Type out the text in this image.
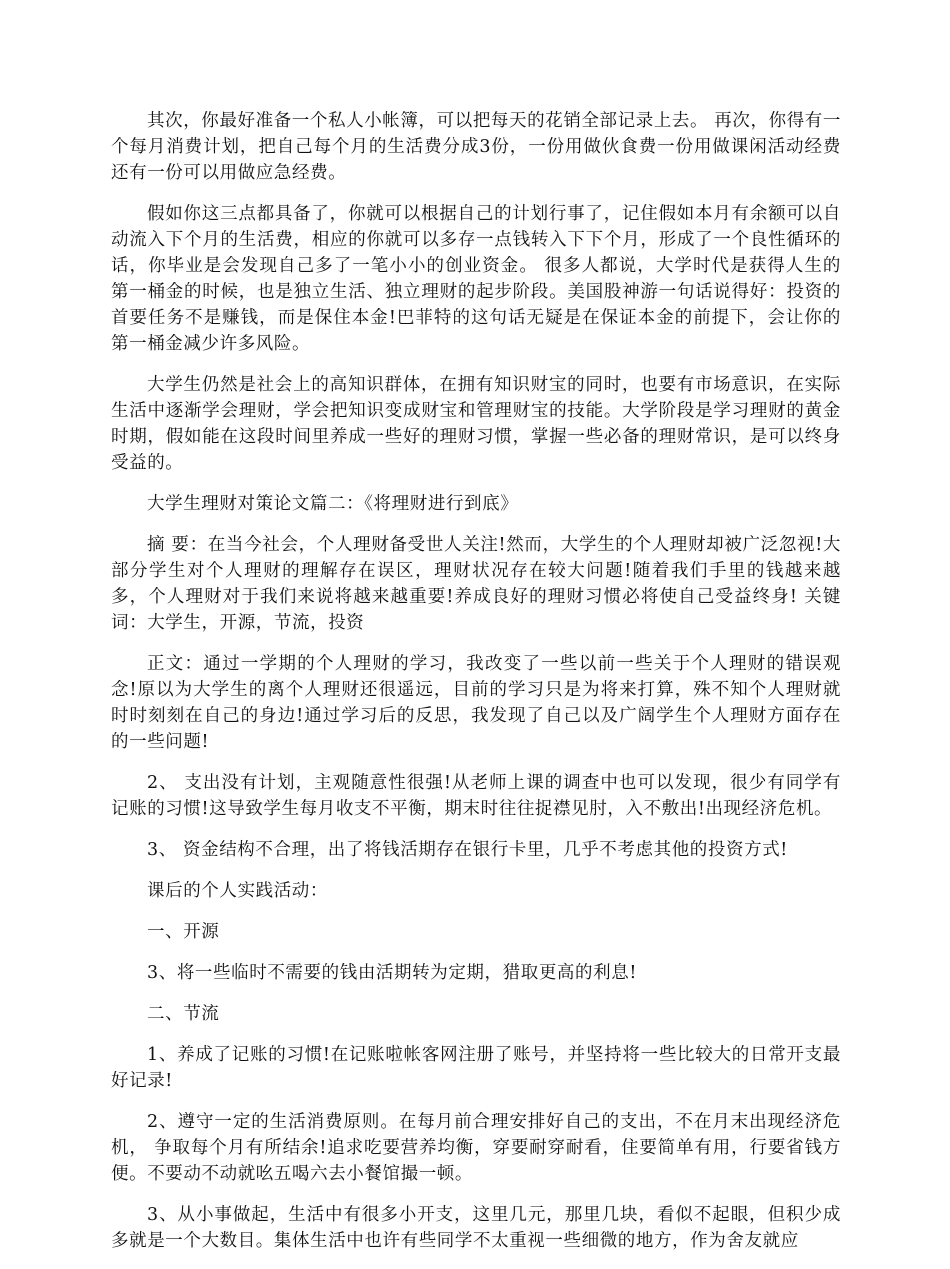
其次，你最好准备一个私人小帐簿，可以把每天的花销全部记录上去。 再次，你得有一个每月消费计划，把自己每个月的生活费分成3份，一份用做伙食费一份用做课闲活动经费还有一份可以用做应急经费。

假如你这三点都具备了，你就可以根据自己的计划行事了，记住假如本月有余额可以自动流入下个月的生活费，相应的你就可以多存一点钱转入下下个月，形成了一个良性循环的话，你毕业是会发现自己多了一笔小小的创业资金。 很多人都说，大学时代是获得人生的第一桶金的时候，也是独立生活、独立理财的起步阶段。美国股神游一句话说得好：投资的首要任务不是赚钱，而是保住本金!巴菲特的这句话无疑是在保证本金的前提下，会让你的第一桶金减少许多风险。

大学生仍然是社会上的高知识群体，在拥有知识财宝的同时，也要有市场意识，在实际生活中逐渐学会理财，学会把知识变成财宝和管理财宝的技能。大学阶段是学习理财的黄金时期，假如能在这段时间里养成一些好的理财习惯，掌握一些必备的理财常识，是可以终身受益的。

大学生理财对策论文篇二：《将理财进行到底》

摘 要：在当今社会，个人理财备受世人关注!然而，大学生的个人理财却被广泛忽视!大部分学生对个人理财的理解存在误区，理财状况存在较大问题!随着我们手里的钱越来越多，个人理财对于我们来说将越来越重要!养成良好的理财习惯必将使自己受益终身! 关键词：大学生，开源，节流，投资

正文：通过一学期的个人理财的学习，我改变了一些以前一些关于个人理财的错误观念!原以为大学生的离个人理财还很遥远，目前的学习只是为将来打算，殊不知个人理财就时时刻刻在自己的身边!通过学习后的反思，我发现了自己以及广阔学生个人理财方面存在的一些问题!

2、 支出没有计划，主观随意性很强!从老师上课的调查中也可以发现，很少有同学有记账的习惯!这导致学生每月收支不平衡，期末时往往捉襟见肘，入不敷出!出现经济危机。

3、 资金结构不合理，出了将钱活期存在银行卡里，几乎不考虑其他的投资方式!

课后的个人实践活动：

一、开源

3、将一些临时不需要的钱由活期转为定期，猎取更高的利息!

二、节流

1、养成了记账的习惯!在记账啦帐客网注册了账号，并坚持将一些比较大的日常开支最好记录!

2、遵守一定的生活消费原则。在每月前合理安排好自己的支出，不在月末出现经济危机， 争取每个月有所结余!追求吃要营养均衡，穿要耐穿耐看，住要简单有用，行要省钱方便。不要动不动就吆五喝六去小餐馆撮一顿。

3、从小事做起，生活中有很多小开支，这里几元，那里几块，看似不起眼，但积少成多就是一个大数目。集体生活中也许有些同学不太重视一些细微的地方，作为舍友就应
